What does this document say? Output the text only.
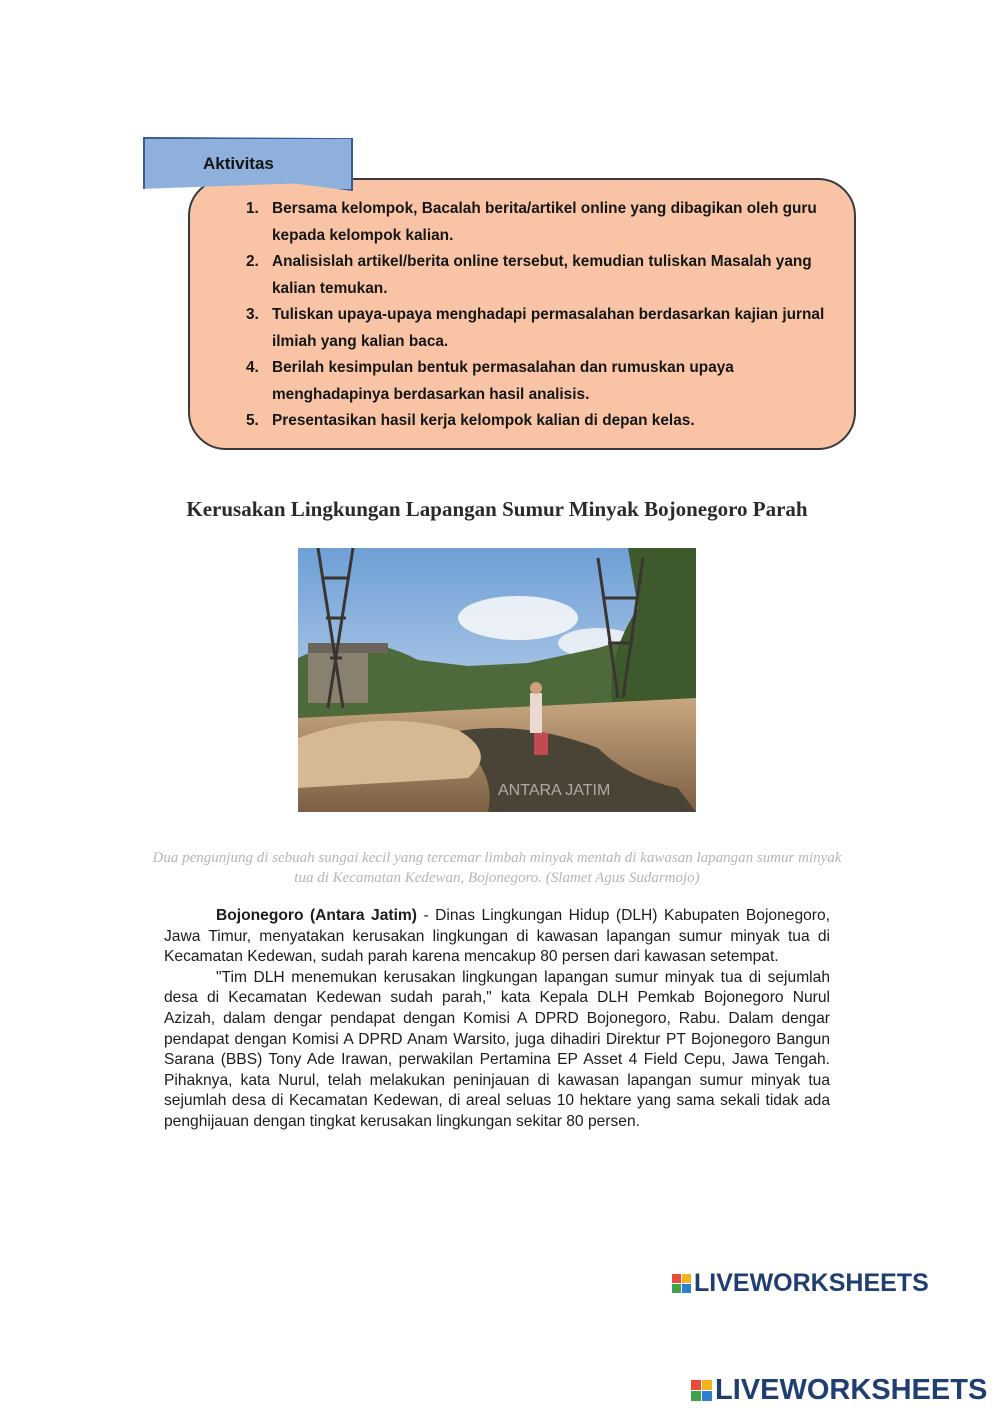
Aktivitas
1. Bersama kelompok, Bacalah berita/artikel online yang dibagikan oleh guru kepada kelompok kalian.
2. Analisislah artikel/berita online tersebut, kemudian tuliskan Masalah yang kalian temukan.
3. Tuliskan upaya-upaya menghadapi permasalahan berdasarkan kajian jurnal ilmiah yang kalian baca.
4. Berilah kesimpulan bentuk permasalahan dan rumuskan upaya menghadapinya berdasarkan hasil analisis.
5. Presentasikan hasil kerja kelompok kalian di depan kelas.
Kerusakan Lingkungan Lapangan Sumur Minyak Bojonegoro Parah
ANTARA JATIM
Dua pengunjung di sebuah sungai kecil yang tercemar limbah minyak mentah di kawasan lapangan sumur minyak tua di Kecamatan Kedewan, Bojonegoro. (Slamet Agus Sudarmojo)

Bojonegoro (Antara Jatim) - Dinas Lingkungan Hidup (DLH) Kabupaten Bojonegoro, Jawa Timur, menyatakan kerusakan lingkungan di kawasan lapangan sumur minyak tua di Kecamatan Kedewan, sudah parah karena mencakup 80 persen dari kawasan setempat.

"Tim DLH menemukan kerusakan lingkungan lapangan sumur minyak tua di sejumlah desa di Kecamatan Kedewan sudah parah," kata Kepala DLH Pemkab Bojonegoro Nurul Azizah, dalam dengar pendapat dengan Komisi A DPRD Bojonegoro, Rabu. Dalam dengar pendapat dengan Komisi A DPRD Anam Warsito, juga dihadiri Direktur PT Bojonegoro Bangun Sarana (BBS) Tony Ade Irawan, perwakilan Pertamina EP Asset 4 Field Cepu, Jawa Tengah. Pihaknya, kata Nurul, telah melakukan peninjauan di kawasan lapangan sumur minyak tua sejumlah desa di Kecamatan Kedewan, di areal seluas 10 hektare yang sama sekali tidak ada penghijauan dengan tingkat kerusakan lingkungan sekitar 80 persen.

LIVEWORKSHEETS
LIVEWORKSHEETS
